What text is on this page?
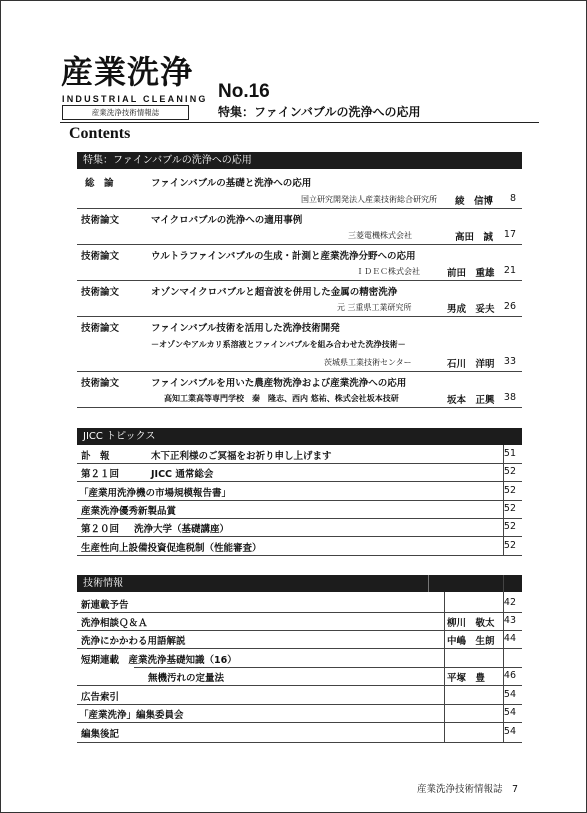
産業洗浄
INDUSTRIAL CLEANING
産業洗浄技術情報誌
No.16
特集：ファインバブルの洗浄への応用
Contents
特集：ファインバブルの洗浄への応用
総　論	ファインバブルの基礎と洗浄への応用
国立研究開発法人産業技術総合研究所 綾　信博	8
技術論文	マイクロバブルの洗浄への適用事例
三菱電機株式会社	高田　誠	17
技術論文	ウルトラファインバブルの生成・計測と産業洗浄分野への応用
ＩＤＥＣ株式会社	前田　重雄 21
技術論文	オゾンマイクロバブルと超音波を併用した金属の精密洗浄
元 三重県工業研究所	男成　妥夫 26
技術論文	ファインバブル技術を活用した洗浄技術開発
－オゾンやアルカリ系溶液とファインバブルを組み合わせた洗浄技術－
茨城県工業技術センター	石川　洋明 33
技術論文	ファインバブルを用いた農産物洗浄および産業洗浄への応用
高知工業高等専門学校　秦　隆志、西内 悠祐、株式会社坂本技研	坂本　正興 38
JICC トピックス
訃　報	木下正利様のご冥福をお祈り申し上げます	51
第２１回	JICC 通常総会	52
「産業用洗浄機の市場規模報告書」	52
産業洗浄優秀新製品賞	52
第２０回 洗浄大学（基礎講座）	52
生産性向上設備投資促進税制（性能審査）	52
技術情報
新連載予告	42
洗浄相談Ｑ＆Ａ	柳川　敬太 43
洗浄にかかわる用語解説	中嶋　生朗 44
短期連載　産業洗浄基礎知識（16）
無機汚れの定量法	平塚　豊	46
広告索引	54
「産業洗浄」編集委員会	54
編集後記	54
産業洗浄技術情報誌　7
